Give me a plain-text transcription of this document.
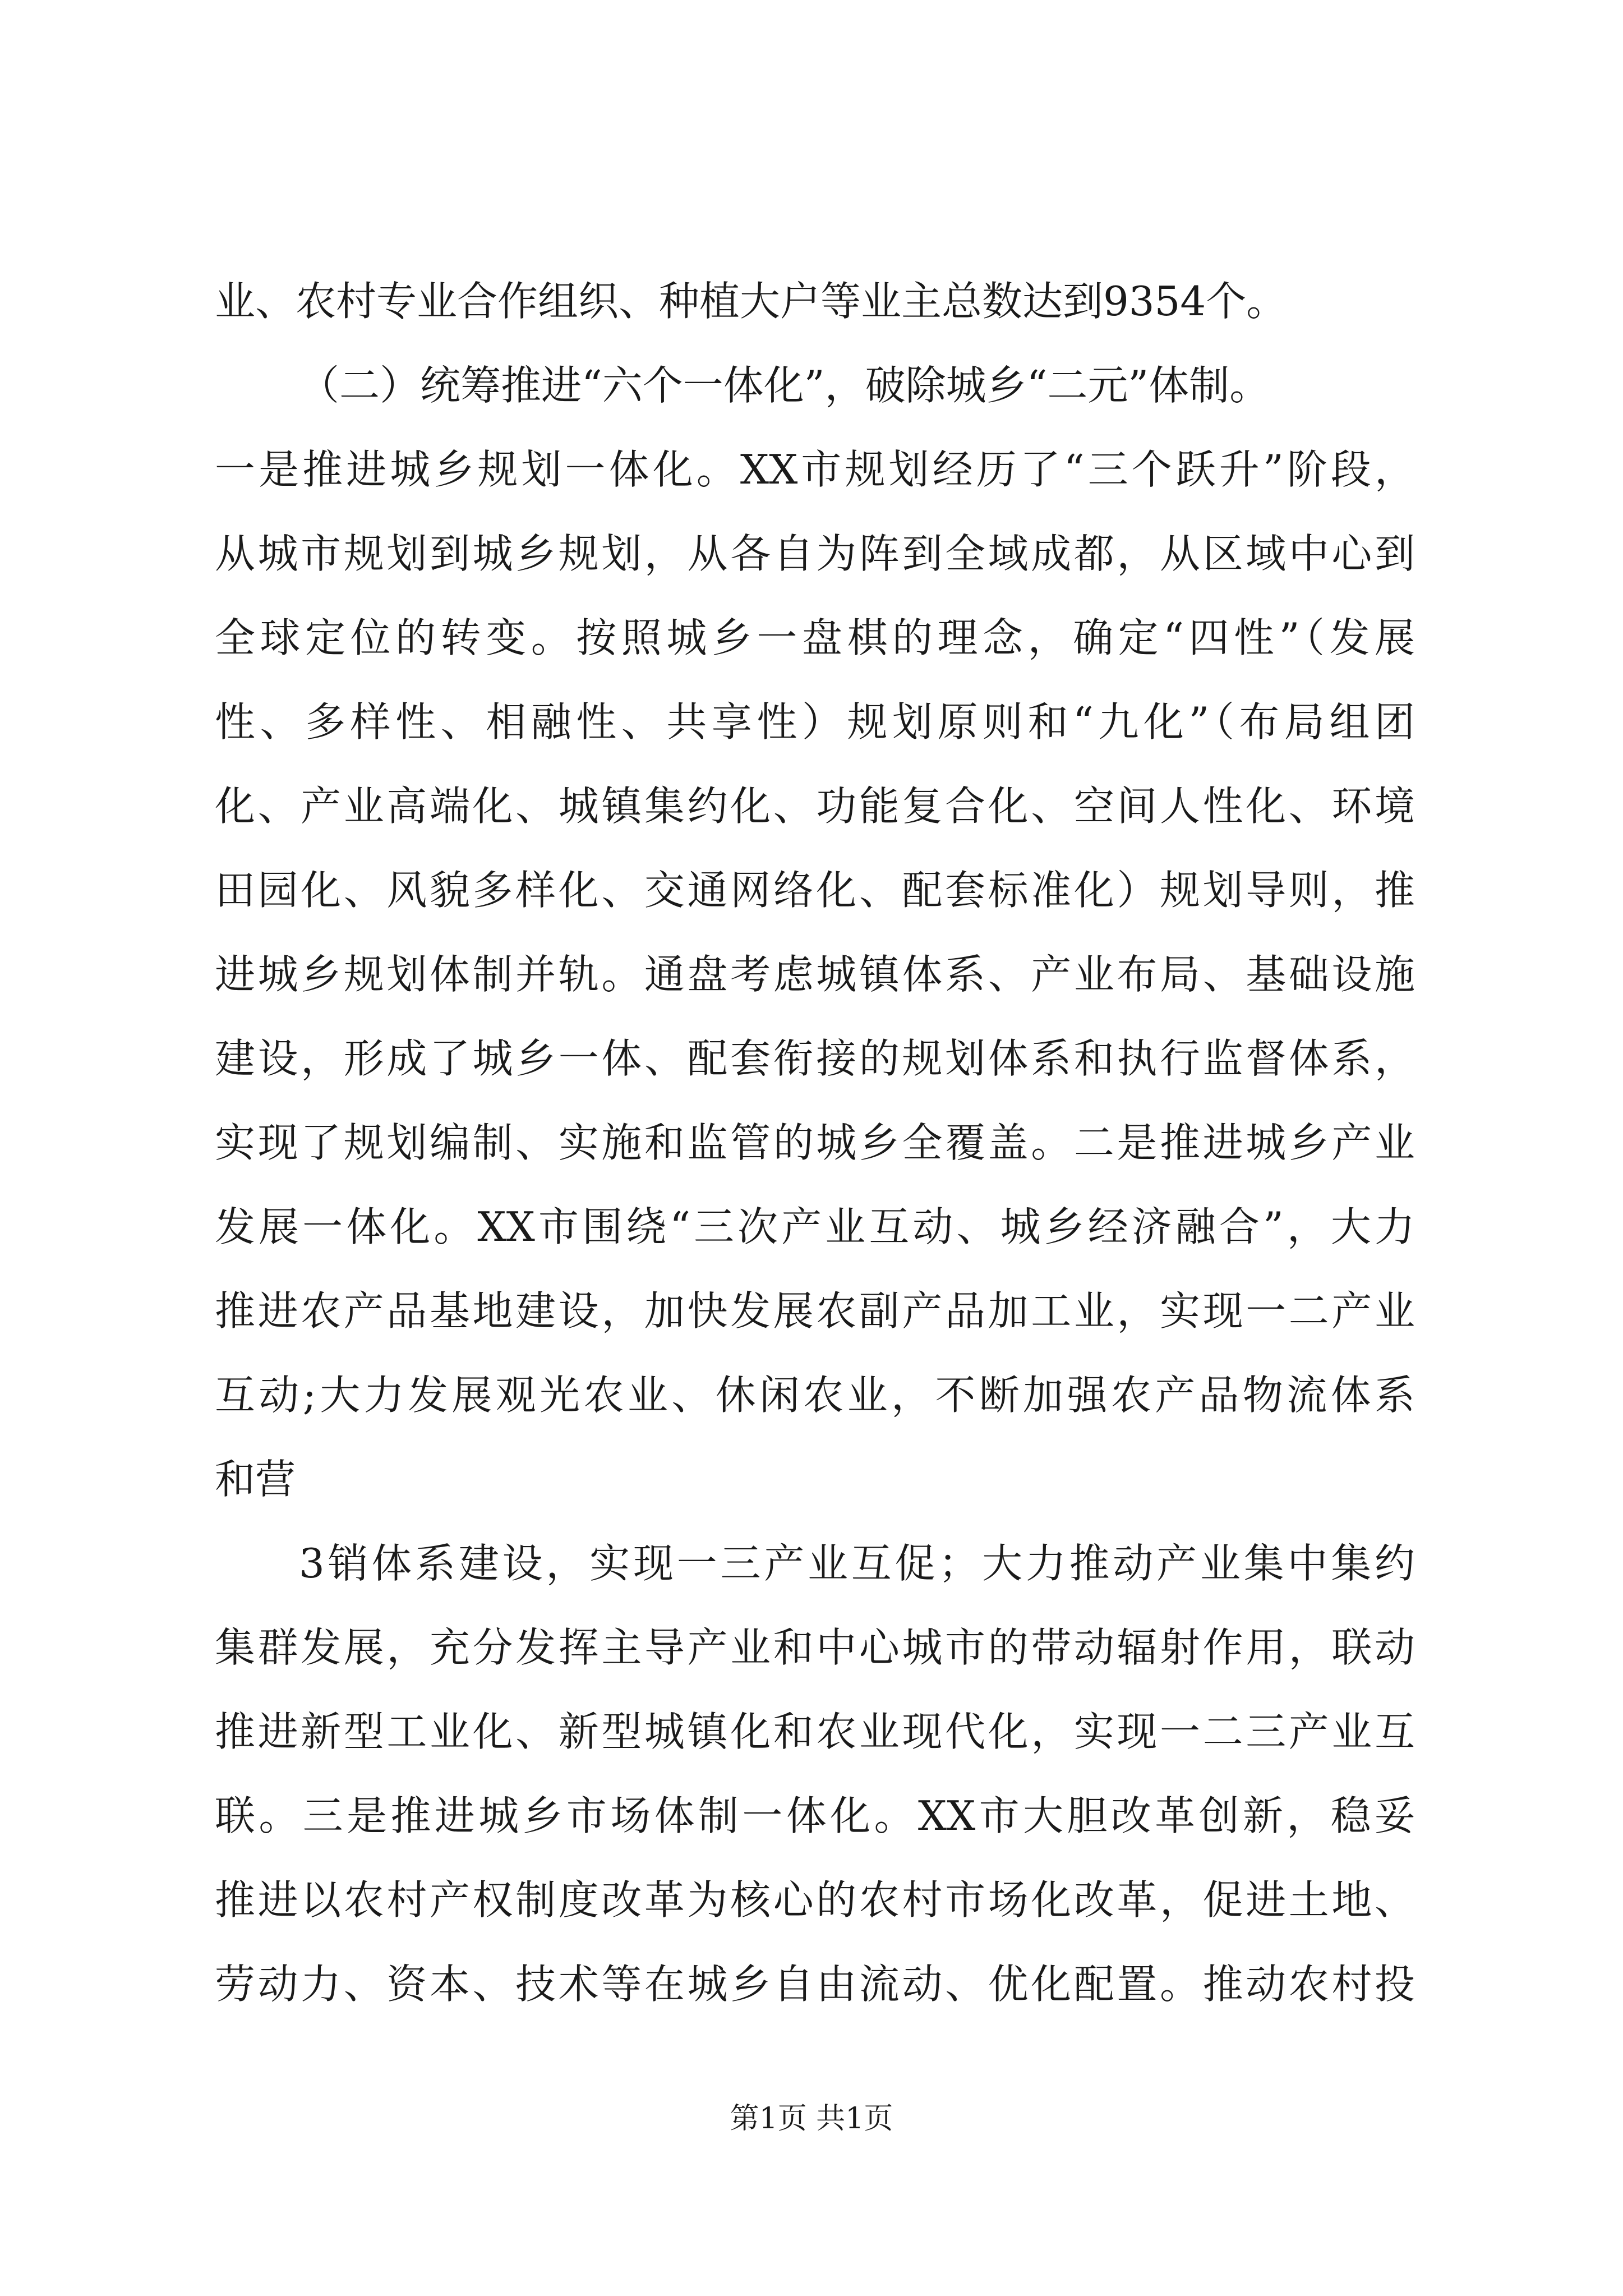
业、农村专业合作组织、种植大户等业主总数达到9354个。
（二）统筹推进“六个一体化”，破除城乡“二元”体制。
一是推进城乡规划一体化。XX市规划经历了“三个跃升”阶段，
从城市规划到城乡规划，从各自为阵到全域成都，从区域中心到
全球定位的转变。按照城乡一盘棋的理念，确定“四性”（发展
性、多样性、相融性、共享性）规划原则和“九化”（布局组团
化、产业高端化、城镇集约化、功能复合化、空间人性化、环境
田园化、风貌多样化、交通网络化、配套标准化）规划导则，推
进城乡规划体制并轨。通盘考虑城镇体系、产业布局、基础设施
建设，形成了城乡一体、配套衔接的规划体系和执行监督体系，
实现了规划编制、实施和监管的城乡全覆盖。二是推进城乡产业
发展一体化。XX市围绕“三次产业互动、城乡经济融合”，大力
推进农产品基地建设，加快发展农副产品加工业，实现一二产业
互动;大力发展观光农业、休闲农业，不断加强农产品物流体系
和营
3销体系建设，实现一三产业互促；大力推动产业集中集约
集群发展，充分发挥主导产业和中心城市的带动辐射作用，联动
推进新型工业化、新型城镇化和农业现代化，实现一二三产业互
联。三是推进城乡市场体制一体化。XX市大胆改革创新，稳妥
推进以农村产权制度改革为核心的农村市场化改革，促进土地、
劳动力、资本、技术等在城乡自由流动、优化配置。推动农村投
第1页 共1页
